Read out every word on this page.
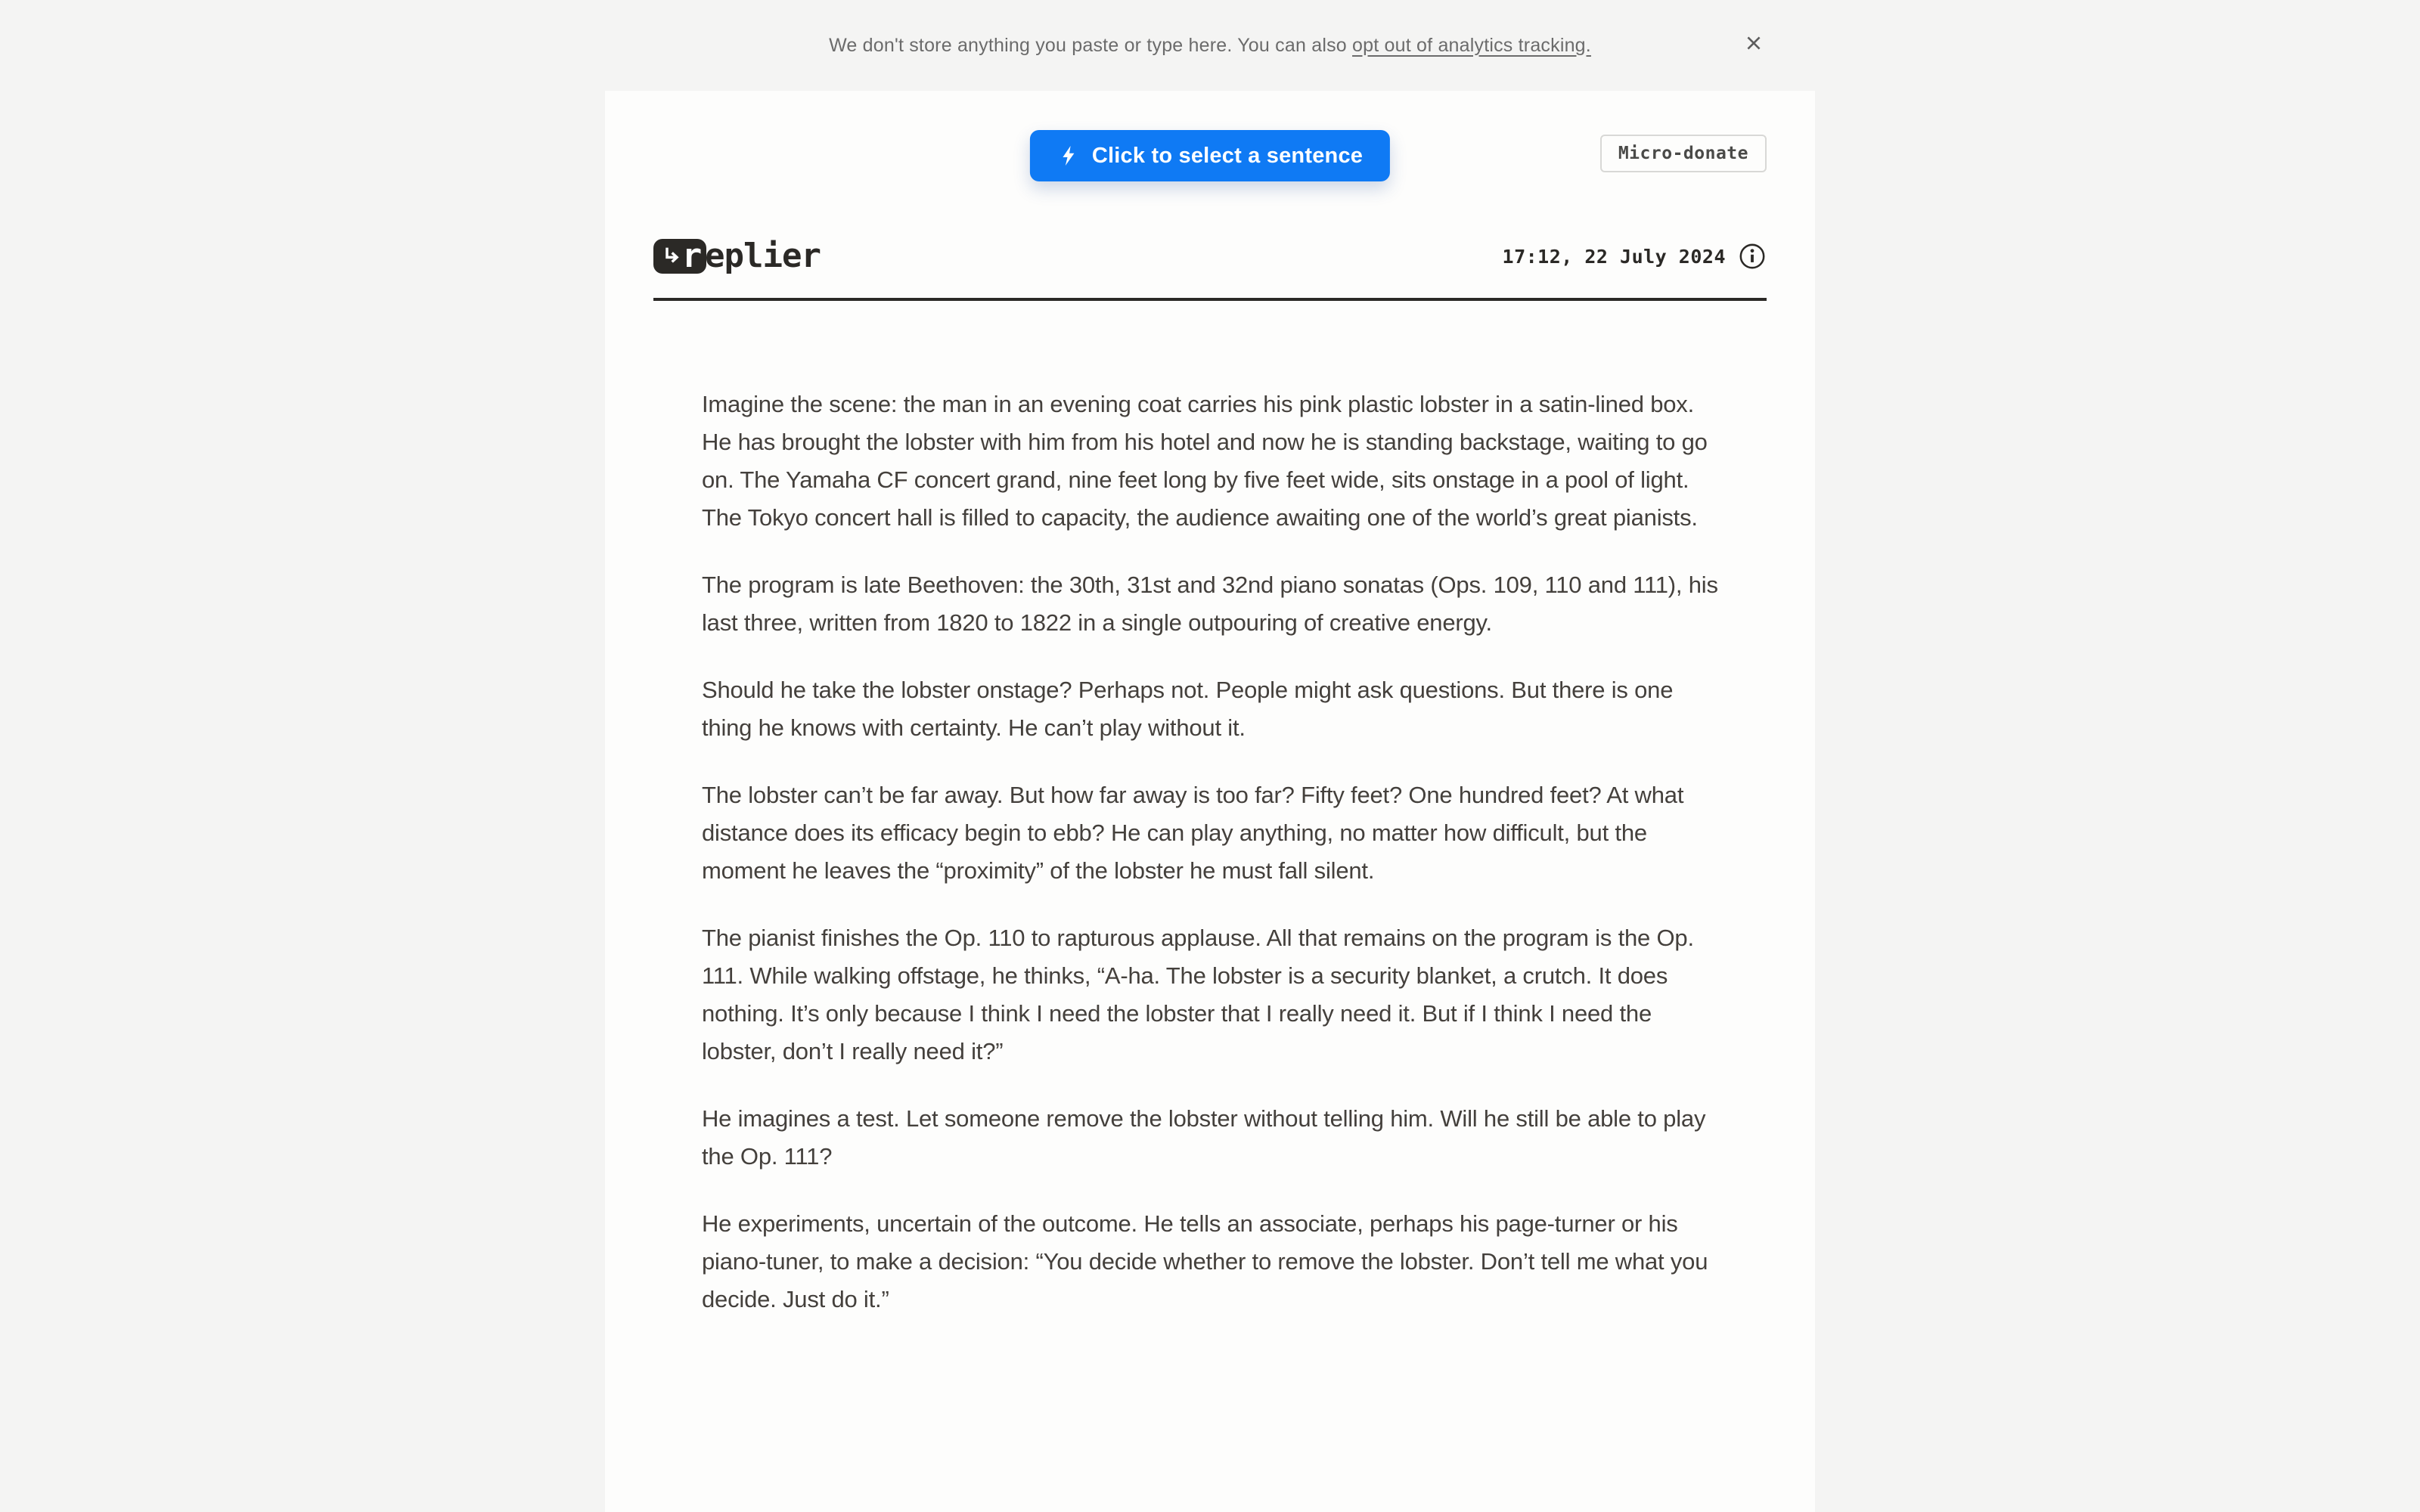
We don't store anything you paste or type here. You can also opt out of analytics tracking.
Click to select a sentence	Micro-donate
r eplier	17:12, 22 July 2024

Imagine the scene: the man in an evening coat carries his pink plastic lobster in a satin-lined box. He has brought the lobster with him from his hotel and now he is standing backstage, waiting to go on. The Yamaha CF concert grand, nine feet long by five feet wide, sits onstage in a pool of light. The Tokyo concert hall is filled to capacity, the audience awaiting one of the world’s great pianists.

The program is late Beethoven: the 30th, 31st and 32nd piano sonatas (Ops. 109, 110 and 111), his last three, written from 1820 to 1822 in a single outpouring of creative energy.

Should he take the lobster onstage? Perhaps not. People might ask questions. But there is one thing he knows with certainty. He can’t play without it.

The lobster can’t be far away. But how far away is too far? Fifty feet? One hundred feet? At what distance does its efficacy begin to ebb? He can play anything, no matter how difficult, but the moment he leaves the “proximity” of the lobster he must fall silent.

The pianist finishes the Op. 110 to rapturous applause. All that remains on the program is the Op. 111. While walking offstage, he thinks, “A-ha. The lobster is a security blanket, a crutch. It does nothing. It’s only because I think I need the lobster that I really need it. But if I think I need the lobster, don’t I really need it?”

He imagines a test. Let someone remove the lobster without telling him. Will he still be able to play the Op. 111?

He experiments, uncertain of the outcome. He tells an associate, perhaps his page-turner or his piano-tuner, to make a decision: “You decide whether to remove the lobster. Don’t tell me what you decide. Just do it.”
